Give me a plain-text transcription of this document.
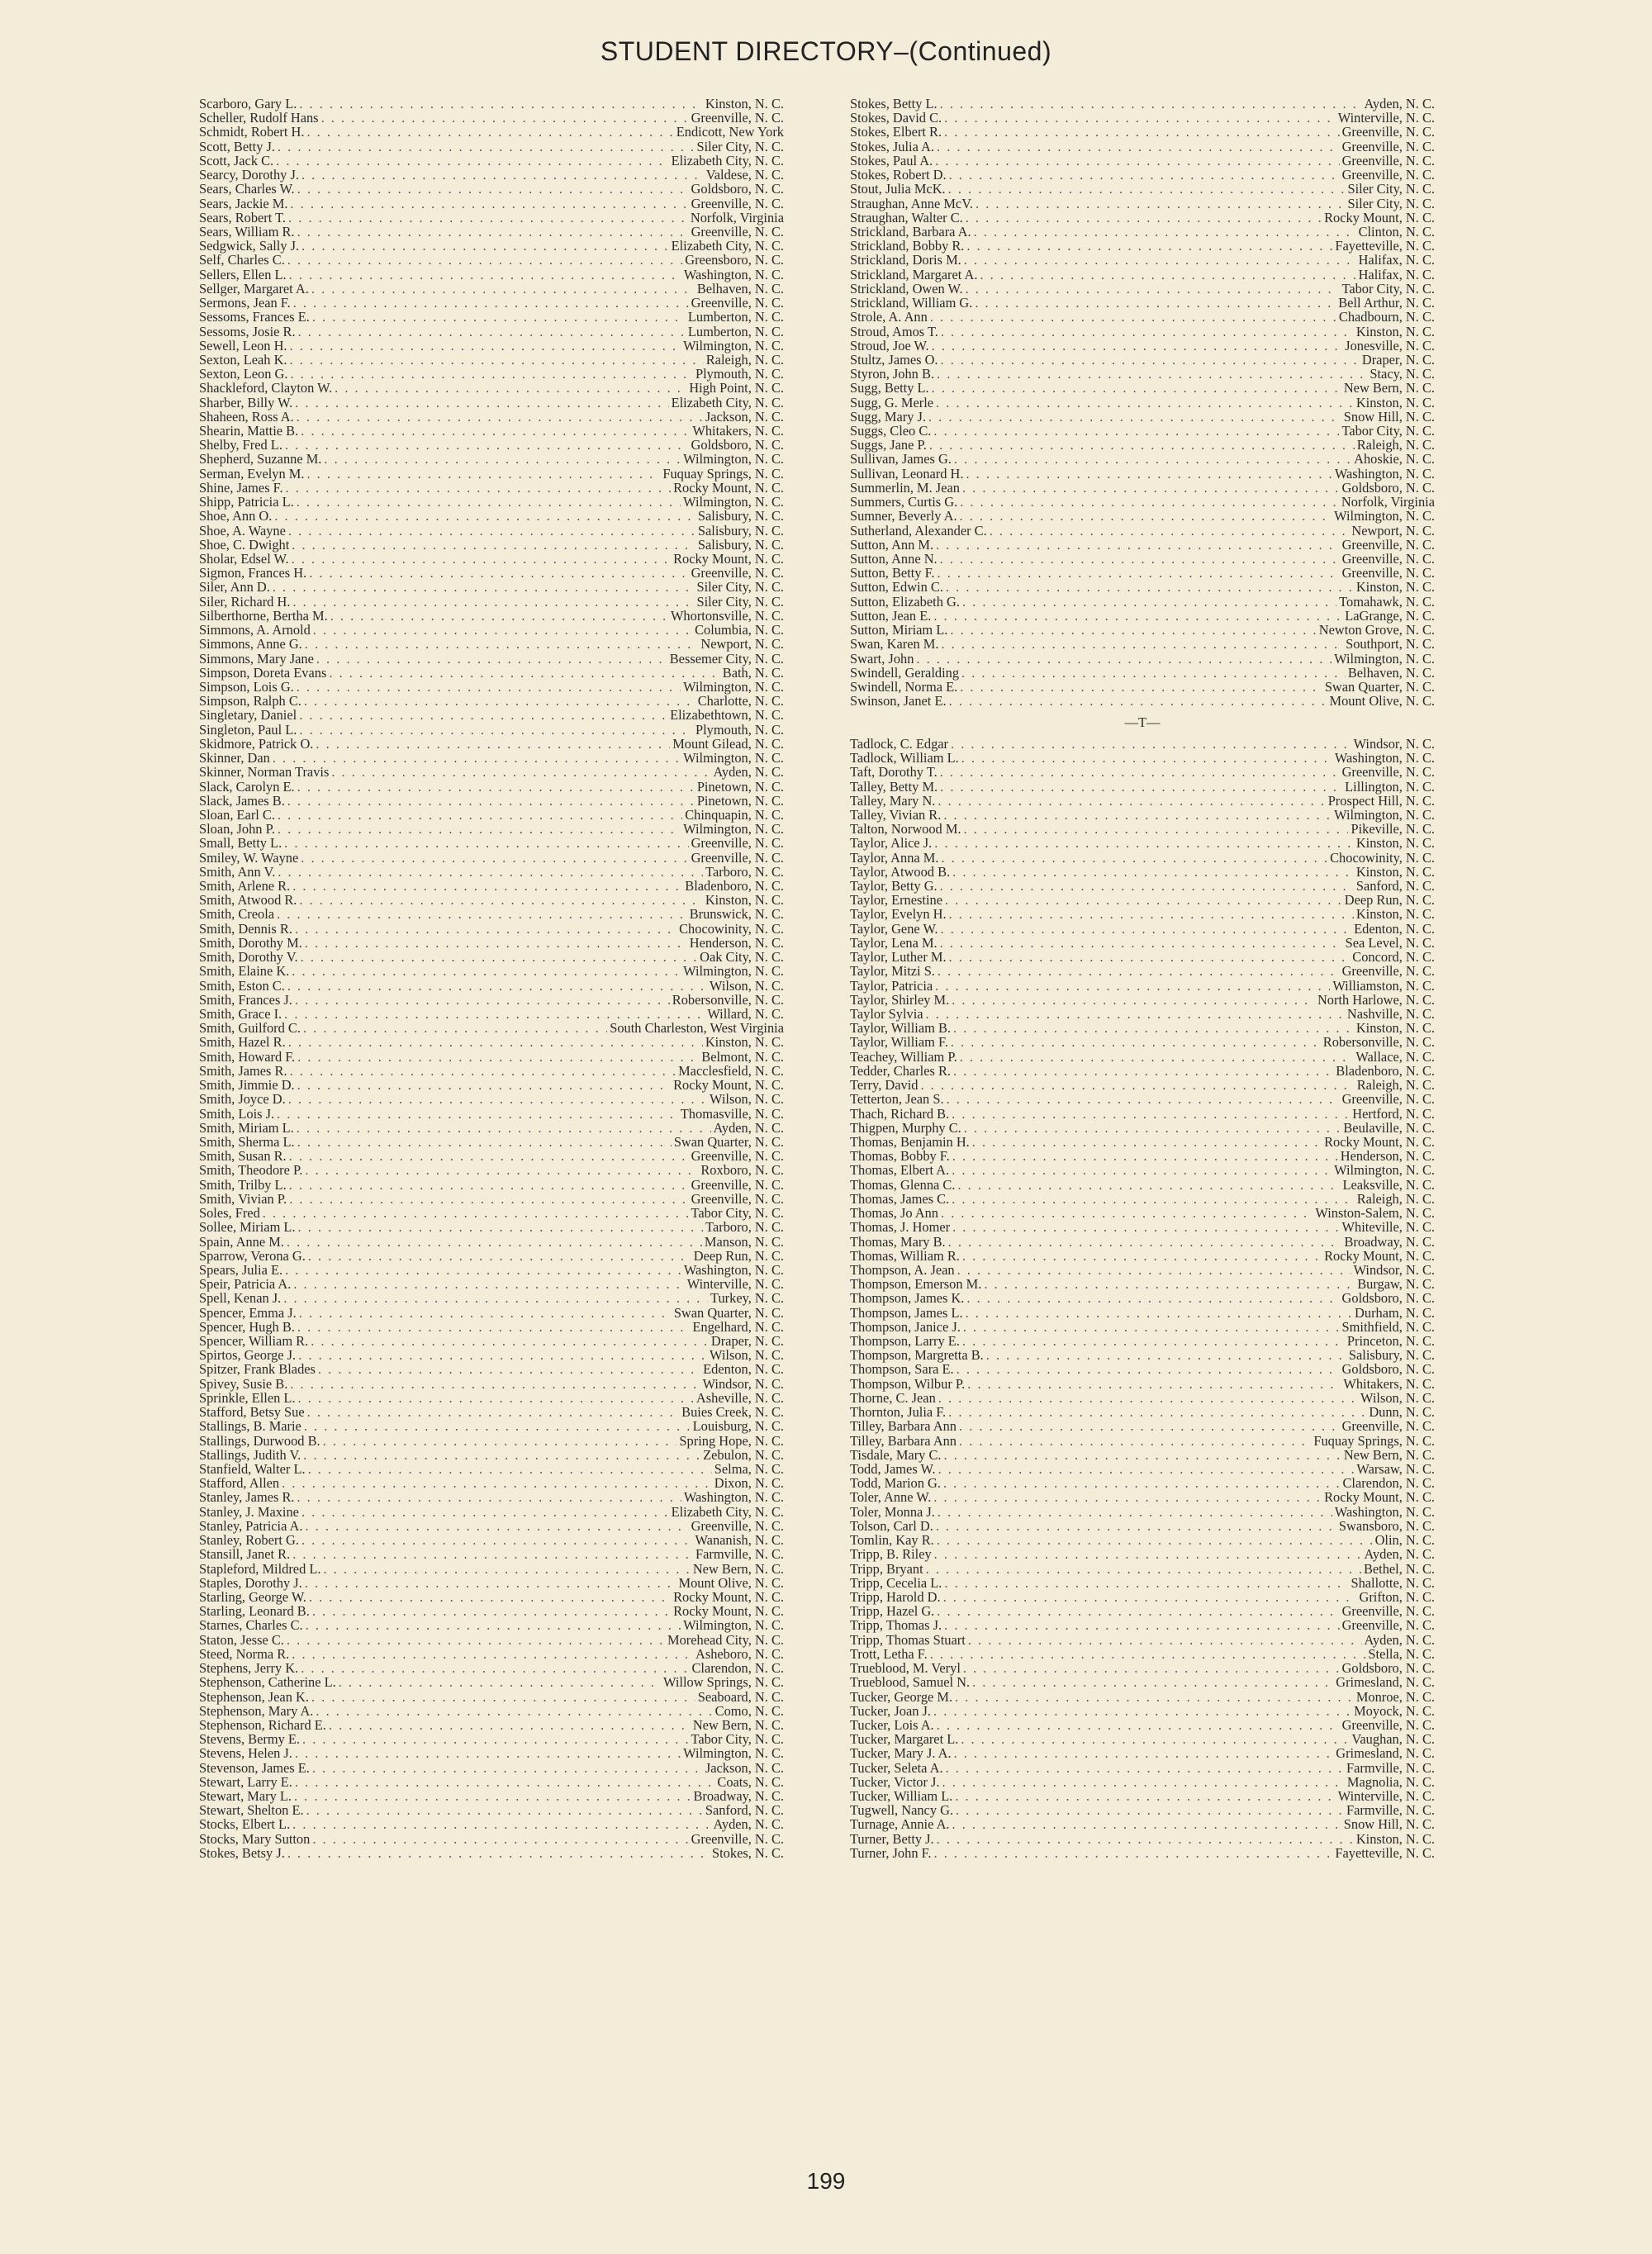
STUDENT DIRECTORY–(Continued)
Scarboro, Gary L. . . .	Kinston, N. C.
Scheller, Rudolf Hans . . .	Greenville, N. C.
Schmidt, Robert H. . . .	Endicott, New York
Scott, Betty J. . . .	Siler City, N. C.
Scott, Jack C. . . .	Elizabeth City, N. C.
Searcy, Dorothy J. . . .	Valdese, N. C.
Sears, Charles W. . . .	Goldsboro, N. C.
Sears, Jackie M. . . .	Greenville, N. C.
Sears, Robert T. . . .	Norfolk, Virginia
Sears, William R. . . .	Greenville, N. C.
Sedgwick, Sally J. . . .	Elizabeth City, N. C.
Self, Charles C. . . .	Greensboro, N. C.
Sellers, Ellen L. . . .	Washington, N. C.
Sellger, Margaret A. . . .	Belhaven, N. C.
Sermons, Jean F. . . .	Greenville, N. C.
Sessoms, Frances E. . . .	Lumberton, N. C.
Sessoms, Josie R. . . .	Lumberton, N. C.
Sewell, Leon H. . . .	Wilmington, N. C.
Sexton, Leah K. . . .	Raleigh, N. C.
Sexton, Leon G. . . .	Plymouth, N. C.
Shackleford, Clayton W. . . .	High Point, N. C.
Sharber, Billy W. . . .	Elizabeth City, N. C.
Shaheen, Ross A. . . .	Jackson, N. C.
Shearin, Mattie B. . . .	Whitakers, N. C.
Shelby, Fred L. . . .	Goldsboro, N. C.
Shepherd, Suzanne M. . . .	Wilmington, N. C.
Serman, Evelyn M. . . .	Fuquay Springs, N. C.
Shine, James F. . . .	Rocky Mount, N. C.
Shipp, Patricia L. . . .	Wilmington, N. C.
Shoe, Ann O. . . .	Salisbury, N. C.
Shoe, A. Wayne . . .	Salisbury, N. C.
Shoe, C. Dwight . . .	Salisbury, N. C.
Sholar, Edsel W. . . .	Rocky Mount, N. C.
Sigmon, Frances H. . . .	Greenville, N. C.
Siler, Ann D. . . .	Siler City, N. C.
Siler, Richard H. . . .	Siler City, N. C.
Silberthorne, Bertha M. . . .	Whortonsville, N. C.
Simmons, A. Arnold . . .	Columbia, N. C.
Simmons, Anne G. . . .	Newport, N. C.
Simmons, Mary Jane . . .	Bessemer City, N. C.
Simpson, Doreta Evans . . .	Bath, N. C.
Simpson, Lois G. . . .	Wilmington, N. C.
Simpson, Ralph C. . . .	Charlotte, N. C.
Singletary, Daniel . . .	Elizabethtown, N. C.
Singleton, Paul L. . . .	Plymouth, N. C.
Skidmore, Patrick O. . . .	Mount Gilead, N. C.
Skinner, Dan . . .	Wilmington, N. C.
Skinner, Norman Travis . . .	Ayden, N. C.
Slack, Carolyn E. . . .	Pinetown, N. C.
Slack, James B. . . .	Pinetown, N. C.
Sloan, Earl C. . . .	Chinquapin, N. C.
Sloan, John P. . . .	Wilmington, N. C.
Small, Betty L. . . .	Greenville, N. C.
Smiley, W. Wayne . . .	Greenville, N. C.
Smith, Ann V. . . .	Tarboro, N. C.
Smith, Arlene R. . . .	Bladenboro, N. C.
Smith, Atwood R. . . .	Kinston, N. C.
Smith, Creola . . .	Brunswick, N. C.
Smith, Dennis R. . . .	Chocowinity, N. C.
Smith, Dorothy M. . . .	Henderson, N. C.
Smith, Dorothy V. . . .	Oak City, N. C.
Smith, Elaine K. . . .	Wilmington, N. C.
Smith, Eston C. . . .	Wilson, N. C.
Smith, Frances J. . . .	Robersonville, N. C.
Smith, Grace I. . . .	Willard, N. C.
Smith, Guilford C. . . .	South Charleston, West Virginia
Smith, Hazel R. . . .	Kinston, N. C.
Smith, Howard F. . . .	Belmont, N. C.
Smith, James R. . . .	Macclesfield, N. C.
Smith, Jimmie D. . . .	Rocky Mount, N. C.
Smith, Joyce D. . . .	Wilson, N. C.
Smith, Lois J. . . .	Thomasville, N. C.
Smith, Miriam L. . . .	Ayden, N. C.
Smith, Sherma L. . . .	Swan Quarter, N. C.
Smith, Susan R. . . .	Greenville, N. C.
Smith, Theodore P. . . .	Roxboro, N. C.
Smith, Trilby L. . . .	Greenville, N. C.
Smith, Vivian P. . . .	Greenville, N. C.
Soles, Fred . . .	Tabor City, N. C.
Sollee, Miriam L. . . .	Tarboro, N. C.
Spain, Anne M. . . .	Manson, N. C.
Sparrow, Verona G. . . .	Deep Run, N. C.
Spears, Julia E. . . .	Washington, N. C.
Speir, Patricia A. . . .	Winterville, N. C.
Spell, Kenan J. . . .	Turkey, N. C.
Spencer, Emma J. . . .	Swan Quarter, N. C.
Spencer, Hugh B. . . .	Engelhard, N. C.
Spencer, William R. . . .	Draper, N. C.
Spirtos, George J. . . .	Wilson, N. C.
Spitzer, Frank Blades . . .	Edenton, N. C.
Spivey, Susie B. . . .	Windsor, N. C.
Sprinkle, Ellen L. . . .	Asheville, N. C.
Stafford, Betsy Sue . . .	Buies Creek, N. C.
Stallings, B. Marie . . .	Louisburg, N. C.
Stallings, Durwood B. . . .	Spring Hope, N. C.
Stallings, Judith V. . . .	Zebulon, N. C.
Stanfield, Walter L. . . .	Selma, N. C.
Stafford, Allen . . .	Dixon, N. C.
Stanley, James R. . . .	Washington, N. C.
Stanley, J. Maxine . . .	Elizabeth City, N. C.
Stanley, Patricia A. . . .	Greenville, N. C.
Stanley, Robert G. . . .	Wananish, N. C.
Stansill, Janet R. . . .	Farmville, N. C.
Stapleford, Mildred L. . . .	New Bern, N. C.
Staples, Dorothy J. . . .	Mount Olive, N. C.
Starling, George W. . . .	Rocky Mount, N. C.
Starling, Leonard B. . . .	Rocky Mount, N. C.
Starnes, Charles C. . . .	Wilmington, N. C.
Staton, Jesse C. . . .	Morehead City, N. C.
Steed, Norma R. . . .	Asheboro, N. C.
Stephens, Jerry K. . . .	Clarendon, N. C.
Stephenson, Catherine L. . . .	Willow Springs, N. C.
Stephenson, Jean K. . . .	Seaboard, N. C.
Stephenson, Mary A. . . .	Como, N. C.
Stephenson, Richard E. . . .	New Bern, N. C.
Stevens, Bermy E. . . .	Tabor City, N. C.
Stevens, Helen J. . . .	Wilmington, N. C.
Stevenson, James E. . . .	Jackson, N. C.
Stewart, Larry E. . . .	Coats, N. C.
Stewart, Mary L. . . .	Broadway, N. C.
Stewart, Shelton E. . . .	Sanford, N. C.
Stocks, Elbert L. . . .	Ayden, N. C.
Stocks, Mary Sutton . . .	Greenville, N. C.
Stokes, Betsy J. . . .	Stokes, N. C.
Stokes, Betty L. . . .	Ayden, N. C.
Stokes, David C. . . .	Winterville, N. C.
Stokes, Elbert R. . . .	Greenville, N. C.
Stokes, Julia A. . . .	Greenville, N. C.
Stokes, Paul A. . . .	Greenville, N. C.
Stokes, Robert D. . . .	Greenville, N. C.
Stout, Julia McK. . . .	Siler City, N. C.
Straughan, Anne McV. . . .	Siler City, N. C.
Straughan, Walter C. . . .	Rocky Mount, N. C.
Strickland, Barbara A. . . .	Clinton, N. C.
Strickland, Bobby R. . . .	Fayetteville, N. C.
Strickland, Doris M. . . .	Halifax, N. C.
Strickland, Margaret A. . . .	Halifax, N. C.
Strickland, Owen W. . . .	Tabor City, N. C.
Strickland, William G. . . .	Bell Arthur, N. C.
Strole, A. Ann . . .	Chadbourn, N. C.
Stroud, Amos T. . . .	Kinston, N. C.
Stroud, Joe W. . . .	Jonesville, N. C.
Stultz, James O. . . .	Draper, N. C.
Styron, John B. . . .	Stacy, N. C.
Sugg, Betty L. . . .	New Bern, N. C.
Sugg, G. Merle . . .	Kinston, N. C.
Sugg, Mary J. . . .	Snow Hill, N. C.
Suggs, Cleo C. . . .	Tabor City, N. C.
Suggs, Jane P. . . .	Raleigh, N. C.
Sullivan, James G. . . .	Ahoskie, N. C.
Sullivan, Leonard H. . . .	Washington, N. C.
Summerlin, M. Jean . . .	Goldsboro, N. C.
Summers, Curtis G. . . .	Norfolk, Virginia
Sumner, Beverly A. . . .	Wilmington, N. C.
Sutherland, Alexander C. . . .	Newport, N. C.
Sutton, Ann M. . . .	Greenville, N. C.
Sutton, Anne N. . . .	Greenville, N. C.
Sutton, Betty F. . . .	Greenville, N. C.
Sutton, Edwin C. . . .	Kinston, N. C.
Sutton, Elizabeth G. . . .	Tomahawk, N. C.
Sutton, Jean E. . . .	LaGrange, N. C.
Sutton, Miriam L. . . .	Newton Grove, N. C.
Swan, Karen M. . . .	Southport, N. C.
Swart, John . . .	Wilmington, N. C.
Swindell, Geralding . . .	Belhaven, N. C.
Swindell, Norma E. . . .	Swan Quarter, N. C.
Swinson, Janet E. . . .	Mount Olive, N. C.
—T—
Tadlock, C. Edgar . . .	Windsor, N. C.
Tadlock, William L. . . .	Washington, N. C.
Taft, Dorothy T. . . .	Greenville, N. C.
Talley, Betty M. . . .	Lillington, N. C.
Talley, Mary N. . . .	Prospect Hill, N. C.
Talley, Vivian R. . . .	Wilmington, N. C.
Talton, Norwood M. . . .	Pikeville, N. C.
Taylor, Alice J. . . .	Kinston, N. C.
Taylor, Anna M. . . .	Chocowinity, N. C.
Taylor, Atwood B. . . .	Kinston, N. C.
Taylor, Betty G. . . .	Sanford, N. C.
Taylor, Ernestine . . .	Deep Run, N. C.
Taylor, Evelyn H. . . .	Kinston, N. C.
Taylor, Gene W. . . .	Edenton, N. C.
Taylor, Lena M. . . .	Sea Level, N. C.
Taylor, Luther M. . . .	Concord, N. C.
Taylor, Mitzi S. . . .	Greenville, N. C.
Taylor, Patricia . . .	Williamston, N. C.
Taylor, Shirley M. . . .	North Harlowe, N. C.
Taylor Sylvia . . .	Nashville, N. C.
Taylor, William B. . . .	Kinston, N. C.
Taylor, William F. . . .	Robersonville, N. C.
Teachey, William P. . . .	Wallace, N. C.
Tedder, Charles R. . . .	Bladenboro, N. C.
Terry, David . . .	Raleigh, N. C.
Tetterton, Jean S. . . .	Greenville, N. C.
Thach, Richard B. . . .	Hertford, N. C.
Thigpen, Murphy C. . . .	Beulaville, N. C.
Thomas, Benjamin H. . . .	Rocky Mount, N. C.
Thomas, Bobby F. . . .	Henderson, N. C.
Thomas, Elbert A. . . .	Wilmington, N. C.
Thomas, Glenna C. . . .	Leaksville, N. C.
Thomas, James C. . . .	Raleigh, N. C.
Thomas, Jo Ann . . .	Winston-Salem, N. C.
Thomas, J. Homer . . .	Whiteville, N. C.
Thomas, Mary B. . . .	Broadway, N. C.
Thomas, William R. . . .	Rocky Mount, N. C.
Thompson, A. Jean . . .	Windsor, N. C.
Thompson, Emerson M. . . .	Burgaw, N. C.
Thompson, James K. . . .	Goldsboro, N. C.
Thompson, James L. . . .	Durham, N. C.
Thompson, Janice J. . . .	Smithfield, N. C.
Thompson, Larry E. . . .	Princeton, N. C.
Thompson, Margretta B. . . .	Salisbury, N. C.
Thompson, Sara E. . . .	Goldsboro, N. C.
Thompson, Wilbur P. . . .	Whitakers, N. C.
Thorne, C. Jean . . .	Wilson, N. C.
Thornton, Julia F. . . .	Dunn, N. C.
Tilley, Barbara Ann . . .	Greenville, N. C.
Tilley, Barbara Ann . . .	Fuquay Springs, N. C.
Tisdale, Mary C. . . .	New Bern, N. C.
Todd, James W. . . .	Warsaw, N. C.
Todd, Marion G. . . .	Clarendon, N. C.
Toler, Anne W. . . .	Rocky Mount, N. C.
Toler, Monna J. . . .	Washington, N. C.
Tolson, Carl D. . . .	Swansboro, N. C.
Tomlin, Kay R. . . .	Olin, N. C.
Tripp, B. Riley . . .	Ayden, N. C.
Tripp, Bryant . . .	Bethel, N. C.
Tripp, Cecelia L. . . .	Shallotte, N. C.
Tripp, Harold D. . . .	Grifton, N. C.
Tripp, Hazel G. . . .	Greenville, N. C.
Tripp, Thomas J. . . .	Greenville, N. C.
Tripp, Thomas Stuart . . .	Ayden, N. C.
Trott, Letha F. . . .	Stella, N. C.
Trueblood, M. Veryl . . .	Goldsboro, N. C.
Trueblood, Samuel N. . . .	Grimesland, N. C.
Tucker, George M. . . .	Monroe, N. C.
Tucker, Joan J. . . .	Moyock, N. C.
Tucker, Lois A. . . .	Greenville, N. C.
Tucker, Margaret L. . . .	Vaughan, N. C.
Tucker, Mary J. A. . . .	Grimesland, N. C.
Tucker, Seleta A. . . .	Farmville, N. C.
Tucker, Victor J. . . .	Magnolia, N. C.
Tucker, William L. . . .	Winterville, N. C.
Tugwell, Nancy G. . . .	Farmville, N. C.
Turnage, Annie A. . . .	Snow Hill, N. C.
Turner, Betty J. . . .	Kinston, N. C.
Turner, John F. . . .	Fayetteville, N. C.
199
